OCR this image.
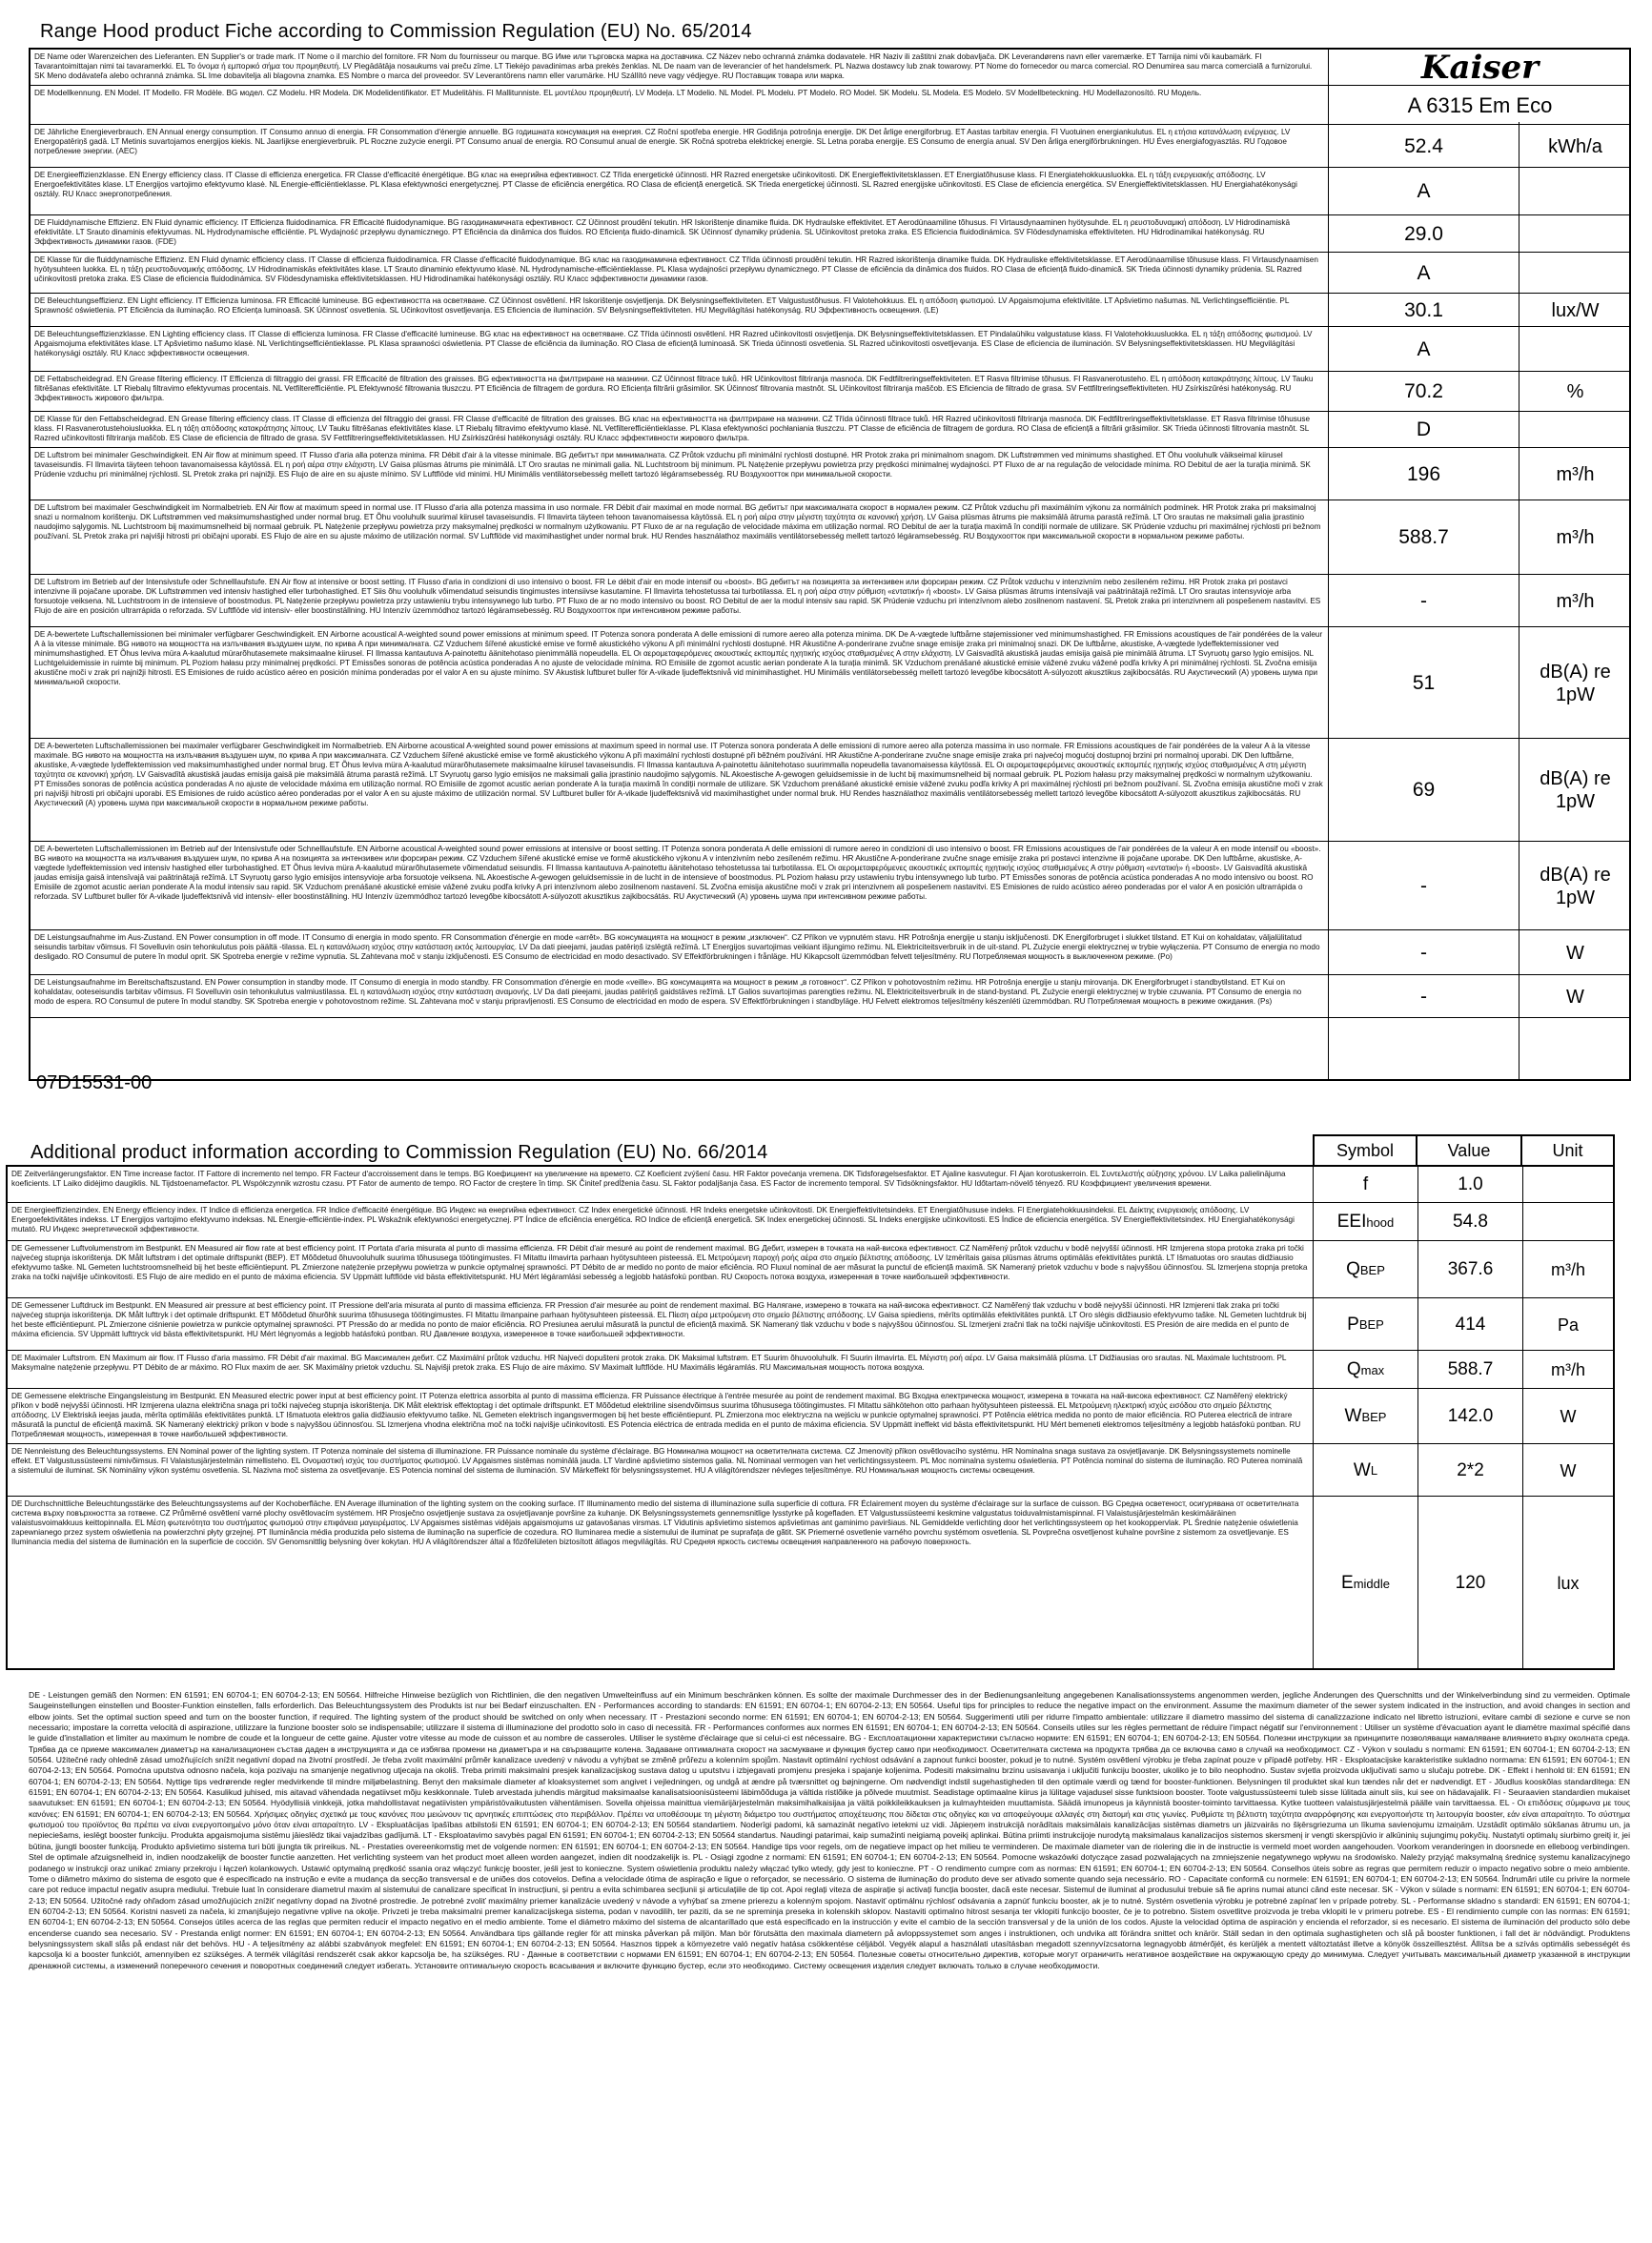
Range Hood product Fiche according to Commission Regulation (EU) No. 65/2014
DE Name oder Warenzeichen des Lieferanten. EN Supplier's or trade mark. IT Nome o il marchio del fornitore. FR Nom du fournisseur ou marque. BG Име или търговска марка на доставчика. CZ Název nebo ochranná známka dodavatele. HR Naziv ili zaštitni znak dobavljača. DK Leverandørens navn eller varemærke. ET Tarnija nimi või kaubamärk. FI Tavarantoimittajan nimi tai tavaramerkki. EL Το όνομα ή εμπορικό σήμα του προμηθευτή. LV Piegādātāja nosaukums vai preču zīme. LT Tiekėjo pavadinimas arba prekės ženklas. NL De naam van de leverancier of het handelsmerk. PL Nazwa dostawcy lub znak towarowy. PT Nome do fornecedor ou marca comercial. RO Denumirea sau marca comercială a furnizorului. SK Meno dodávateľa alebo ochranná známka. SL Ime dobavitelja ali blagovna znamka. ES Nombre o marca del proveedor. SV Leverantörens namn eller varumärke. HU Szállító neve vagy védjegye. RU Поставщик товара или марка.	Kaiser
DE Modellkennung. EN Model. IT Modello. FR Modèle. BG модел. CZ Modelu. HR Modela. DK Modelidentifikator. ET Mudelitähis. FI Mallitunniste. EL μοντέλου προμηθευτή. LV Modeļa. LT Modelio. NL Model. PL Modelu. PT Modelo. RO Model. SK Modelu. SL Modela. ES Modelo. SV Modellbeteckning. HU Modellazonosító. RU Модель.	A 6315 Em Eco
DE Jährliche Energieverbrauch. EN Annual energy consumption. IT Consumo annuo di energia. FR Consommation d'énergie annuelle. BG годишната консумация на енергия. CZ Roční spotřeba energie. HR Godišnja potrošnja energije. DK Det årlige energiforbrug. ET Aastas tarbitav energia. FI Vuotuinen energiankulutus. EL η ετήσια κατανάλωση ενέργειας. LV Energopatēriņš gadā. LT Metinis suvartojamos energijos kiekis. NL Jaarlijkse energieverbruik. PL Roczne zużycie energii. PT Consumo anual de energia. RO Consumul anual de energie. SK Ročná spotreba elektrickej energie. SL Letna poraba energije. ES Consumo de energía anual. SV Den årliga energiförbrukningen. HU Éves energiafogyasztás. RU Годовое потребление энергии. (AEC)	52.4	kWh/a
DE Energieeffizienzklasse. EN Energy efficiency class. IT Classe di efficienza energetica. FR Classe d'efficacité énergétique. BG клас на енергийна ефективност. CZ Třída energetické účinnosti. HR Razred energetske učinkovitosti. DK Energieffektivitetsklassen. ET Energiatõhususe klass. FI Energiatehokkuusluokka. EL η τάξη ενεργειακής απόδοσης. LV Energoefektivitātes klase. LT Energijos vartojimo efektyvumo klasė. NL Energie-efficiëntieklasse. PL Klasa efektywności energetycznej. PT Classe de eficiência energética. RO Clasa de eficiență energetică. SK Trieda energetickej účinnosti. SL Razred energijske učinkovitosti. ES Clase de eficiencia energética. SV Energieffektivitetsklassen. HU Energiahatékonysági osztály. RU Класс энергопотребления.	A
DE Fluiddynamische Effizienz. EN Fluid dynamic efficiency. IT Efficienza fluidodinamica. FR Efficacité fluidodynamique. BG газодинамичната ефективност. CZ Účinnost proudění tekutin. HR Iskorištenje dinamike fluida. DK Hydraulske effektivitet. ET Aerodünaamiline tõhusus. FI Virtausdynaaminen hyötysuhde. EL η ρευστοδυναμική απόδοση. LV Hidrodinamiskā efektivitāte. LT Srauto dinaminis efektyvumas. NL Hydrodynamische efficiëntie. PL Wydajność przepływu dynamicznego. PT Eficiência da dinâmica dos fluidos. RO Eficiența fluido-dinamică. SK Účinnosť dynamiky prúdenia. SL Učinkovitost pretoka zraka. ES Eficiencia fluidodinámica. SV Flödesdynamiska effektiviteten. HU Hidrodinamikai hatékonyság. RU Эффективность динамики газов. (FDE)	29.0
DE Klasse für die fluiddynamische Effizienz. EN Fluid dynamic efficiency class. IT Classe di efficienza fluidodinamica. FR Classe d'efficacité fluidodynamique. BG клас на газодинамична ефективност. CZ Třída účinnosti proudění tekutin. HR Razred iskorištenja dinamike fluida. DK Hydrauliske effektivitetsklasse. ET Aerodünaamilise tõhususe klass. FI Virtausdynaamisen hyötysuhteen luokka. EL η τάξη ρευστοδυναμικής απόδοσης. LV Hidrodinamiskās efektivitātes klase. LT Srauto dinaminio efektyvumo klasė. NL Hydrodynamische-efficiëntieklasse. PL Klasa wydajności przepływu dynamicznego. PT Classe de eficiência da dinâmica dos fluidos. RO Clasa de eficiență fluido-dinamică. SK Trieda účinnosti dynamiky prúdenia. SL Razred učinkovitosti pretoka zraka. ES Clase de eficiencia fluidodinámica. SV Flödesdynamiska effektivitetsklassen. HU Hidrodinamikai hatékonysági osztály. RU Класс эффективности динамики газов.	A
DE Beleuchtungseffizienz. EN Light efficiency. IT Efficienza luminosa. FR Efficacité lumineuse. BG ефективността на осветяване. CZ Účinnost osvětlení. HR Iskorištenje osvjetljenja. DK Belysningseffektiviteten. ET Valgustustõhusus. FI Valotehokkuus. EL η απόδοση φωτισμού. LV Apgaismojuma efektivitāte. LT Apšvietimo našumas. NL Verlichtingsefficiëntie. PL Sprawność oświetlenia. PT Eficiência da iluminação. RO Eficiența luminoasă. SK Účinnosť osvetlenia. SL Učinkovitost osvetljevanja. ES Eficiencia de iluminación. SV Belysningseffektiviteten. HU Megvilágítási hatékonyság. RU Эффективность освещения. (LE)	30.1	lux/W
DE Beleuchtungseffizienzklasse. EN Lighting efficiency class. IT Classe di efficienza luminosa. FR Classe d'efficacité lumineuse. BG клас на ефективност на осветяване. CZ Třída účinnosti osvětlení. HR Razred učinkovitosti osvjetljenja. DK Belysningseffektivitetsklassen. ET Pindalaühiku valgustatuse klass. FI Valotehokkuusluokka. EL η τάξη απόδοσης φωτισμού. LV Apgaismojuma efektivitātes klase. LT Apšvietimo našumo klasė. NL Verlichtingsefficiëntieklasse. PL Klasa sprawności oświetlenia. PT Classe de eficiência da iluminação. RO Clasa de eficiență luminoasă. SK Trieda účinnosti osvetlenia. SL Razred učinkovitosti osvetljevanja. ES Clase de eficiencia de iluminación. SV Belysningseffektivitetsklassen. HU Megvilágítási hatékonysági osztály. RU Класс эффективности освещения.	A
DE Fettabscheidegrad. EN Grease filtering efficiency. IT Efficienza di filtraggio dei grassi. FR Efficacité de filtration des graisses. BG ефективността на филтриране на мазнини. CZ Účinnost filtrace tuků. HR Učinkovitost filtriranja masnoća. DK Fedtfiltreringseffektiviteten. ET Rasva filtrimise tõhusus. FI Rasvanerotusteho. EL η απόδοση κατακράτησης λίπους. LV Tauku filtrēšanas efektivitāte. LT Riebalų filtravimo efektyvumas procentais. NL Vetfilterefficiëntie. PL Efektywność filtrowania tłuszczu. PT Eficiência de filtragem de gordura. RO Eficiența filtrării grăsimilor. SK Účinnosť filtrovania mastnôt. SL Učinkovitost filtriranja maščob. ES Eficiencia de filtrado de grasa. SV Fettfiltreringseffektiviteten. HU Zsírkiszűrési hatékonyság. RU Эффективность жирового фильтра.	70.2	%
DE Klasse für den Fettabscheidegrad. EN Grease filtering efficiency class. IT Classe di efficienza del filtraggio dei grassi. FR Classe d'efficacité de filtration des graisses. BG клас на ефективността на филтриране на мазнини. CZ Třída účinnosti filtrace tuků. HR Razred učinkovitosti filtriranja masnoća. DK Fedtfiltreringseffektivitetsklasse. ET Rasva filtrimise tõhususe klass. FI Rasvanerotustehoiusluokka. EL η τάξη απόδοσης κατακράτησης λίπους. LV Tauku filtrēšanas efektivitātes klase. LT Riebalų filtravimo efektyvumo klasė. NL Vetfilterefficiëntieklasse. PL Klasa efektywności pochłaniania tłuszczu. PT Classe de eficiência de filtragem de gordura. RO Clasa de eficiență a filtrării grăsimilor. SK Trieda účinnosti filtrovania mastnôt. SL Razred učinkovitosti filtriranja maščob. ES Clase de eficiencia de filtrado de grasa. SV Fettfiltreringseffektivitetsklassen. HU Zsírkiszűrési hatékonysági osztály. RU Класс эффективности жирового фильтра.	D
DE Luftstrom bei minimaler Geschwindigkeit. EN Air flow at minimum speed. IT Flusso d'aria alla potenza minima. FR Débit d'air à la vitesse minimale. BG дебитът при минималната. CZ Průtok vzduchu při minimální rychlosti dostupné. HR Protok zraka pri minimalnom snagom. DK Luftstrømmen ved minimums shastighed. ET Õhu vooluhulk väikseimal kiirusel tavaseisundis. FI Ilmavirta täyteen tehoon tavanomaisessa käytössä. EL η ροή αέρα στην ελάχιστη. LV Gaisa plūsmas ātrums pie minimālā. LT Oro srautas ne minimali galia. NL Luchtstroom bij minimum. PL Natężenie przepływu powietrza przy prędkości minimalnej wydajności. PT Fluxo de ar na regulação de velocidade mínima. RO Debitul de aer la turația minimă. SK Prúdenie vzduchu pri minimálnej rýchlosti. SL Pretok zraka pri najnižji. ES Flujo de aire en su ajuste mínimo. SV Luftflöde vid minimi. HU Minimális ventilátorsebesség mellett tartozó légáramsebesség. RU Воздухоотток при минимальной скорости.	196	m³/h
DE Luftstrom bei maximaler Geschwindigkeit im Normalbetrieb. EN Air flow at maximum speed in normal use. IT Flusso d'aria alla potenza massima in uso normale. FR Débit d'air maximal en mode normal. BG дебитът при максималната скорост в нормален режим. CZ Průtok vzduchu při maximálním výkonu za normálních podmínek. HR Protok zraka pri maksimalnoj snazi u normalnom korištenju. DK Luftstrømmen ved maksimumshastighed under normal brug. ET Õhu vooluhulk suurimal kiirusel tavaseisundis. FI Ilmavirta täyteen tehoon tavanomaisessa käytössä. EL η ροή αέρα στην μέγιστη ταχύτητα σε κανονική χρήση. LV Gaisa plūsmas ātrums pie maksimālā ātruma parastā režīmā. LT Oro srautas ne maksimali galia įprastinio naudojimo sąlygomis. NL Luchtstroom bij maximumsnelheid bij normaal gebruik. PL Natężenie przepływu powietrza przy maksymalnej prędkości w normalnym użytkowaniu. PT Fluxo de ar na regulação de velocidade máxima em utilização normal. RO Debitul de aer la turația maximă în condiții normale de utilizare. SK Prúdenie vzduchu pri maximálnej rýchlosti pri bežnom používaní. SL Pretok zraka pri najvišji hitrosti pri običajni uporabi. ES Flujo de aire en su ajuste máximo de utilización normal. SV Luftflöde vid maximihastighet under normal bruk. HU Rendes használathoz maximális ventilátorsebesség mellett tartozó légáramsebesség. RU Воздухоотток при максимальной скорости в нормальном режиме работы.	588.7	m³/h
DE Luftstrom im Betrieb auf der Intensivstufe oder Schnelllaufstufe. EN Air flow at intensive or boost setting. IT Flusso d'aria in condizioni di uso intensivo o boost. FR Le débit d'air en mode intensif ou «boost». BG дебитът на позицията за интензивен или форсиран режим. CZ Průtok vzduchu v intenzivním nebo zesíleném režimu. HR Protok zraka pri postavci intenzivne ili pojačane uporabe. DK Luftstrømmen ved intensiv hastighed eller turbohastighed. ET Siis õhu vooluhulk võimendatud seisundis tingimustes intensiivse kasutamine. FI Ilmavirta tehostetussa tai turbotilassa. EL η ροή αέρα στην ρύθμιση «εντατική» ή «boost». LV Gaisa plūsmas ātrums intensīvajā vai paātrinātajā režīmā. LT Oro srautas intensyvioje arba forsuotoje veiksena. NL Luchtstroom in de intensieve of boostmodus. PL Natężenie przepływu powietrza przy ustawieniu trybu intensywnego lub turbo. PT Fluxo de ar no modo intensivo ou boost. RO Debitul de aer la modul intensiv sau rapid. SK Prúdenie vzduchu pri intenzívnom alebo zosilnenom nastavení. SL Pretok zraka pri intenzivnem ali pospešenem nastavitvi. ES Flujo de aire en posición ultrarrápida o reforzada. SV Luftflöde vid intensiv- eller boostinställning. HU Intenzív üzemmódhoz tartozó légáramsebesség. RU Воздухоотток при интенсивном режиме работы.	-	m³/h
DE A-bewertete Luftschallemissionen bei minimaler verfügbarer Geschwindigkeit. EN Airborne acoustical A-weighted sound power emissions at minimum speed. IT Potenza sonora ponderata A delle emissioni di rumore aereo alla potenza minima. DK De A-vægtede luftbårne støjemissioner ved minimumshastighed. FR Emissions acoustiques de l'air pondérées de la valeur A à la vitesse minimale. BG нивото на мощността на излъчвания въздушен шум, по крива A при минималната. CZ Vzduchem šířené akustické emise ve formě akustického výkonu A při minimální rychlosti dostupné. HR Akustične A-ponderirane zvučne snage emisije zraka pri minimalnoj snazi. DK De luftbårne, akustiske, A-vægtede lydeffektemissioner ved minimumshastighed. ET Õhus leviva müra A-kaalutud mürarõhutasemete maksimaalne kiirusel. FI Ilmassa kantautuva A-painotettu äänitehotaso pienimmällä nopeudella. EL Οι αερομεταφερόμενες ακουστικές εκπομπές ηχητικής ισχύος σταθμισμένες Α στην ελάχιστη. LV Gaisvadītā akustiskā jaudas emisija gaisā pie minimālā ātruma. LT Svyruotų garso lygio emisijos. NL Luchtgeluidemissie in ruimte bij minimum. PL Poziom hałasu przy minimalnej prędkości. PT Emissões sonoras de potência acústica ponderadas A no ajuste de velocidade mínima. RO Emisiile de zgomot acustic aerian ponderate A la turația minimă. SK Vzduchom prenášané akustické emisie vážené zvuku vážené podľa krivky A pri minimálnej rýchlosti. SL Zvočna emisija akustične moči v zrak pri najnižji hitrosti. ES Emisiones de ruido acústico aéreo en posición mínima ponderadas por el valor A en su ajuste mínimo. SV Akustisk luftburet buller för A-vikade ljudeffektsnivå vid minimihastighet. HU Minimális ventilátorsebesség mellett tartozó levegőbe kibocsátott A-súlyozott akusztikus zajkibocsátás. RU Акустический (A) уровень шума при минимальной скорости.	51	dB(A) re 1pW
DE A-bewerteten Luftschallemissionen bei maximaler verfügbarer Geschwindigkeit im Normalbetrieb. EN Airborne acoustical A-weighted sound power emissions at maximum speed in normal use. IT Potenza sonora ponderata A delle emissioni di rumore aereo alla potenza massima in uso normale. FR Emissions acoustiques de l'air pondérées de la valeur A à la vitesse maximale. BG нивото на мощността на излъчвания въздушен шум, по крива A при максималната. CZ Vzduchem šířené akustické emise ve formě akustického výkonu A při maximální rychlosti dostupné při běžném používání. HR Akustične A-ponderirane zvučne snage emisije zraka pri najvećoj mogućoj dostupnoj brzini pri normalnoj uporabi. DK Den luftbårne, akustiske, A-vægtede lydeffektemission ved maksimumhastighed under normal brug. ET Õhus leviva müra A-kaalutud mürarõhutasemete maksimaalne kiirusel tavaseisundis. FI Ilmassa kantautuva A-painotettu äänitehotaso suurimmalla nopeudella tavanomaisessa käytössä. EL Οι αερομεταφερόμενες ακουστικές εκπομπές ηχητικής ισχύος σταθμισμένες Α στη μέγιστη ταχύτητα σε κανονική χρήση. LV Gaisvadītā akustiskā jaudas emisija gaisā pie maksimālā ātruma parastā režīmā. LT Svyruotų garso lygio emisijos ne maksimali galia įprastinio naudojimo sąlygomis. NL Akoestische A-gewogen geluidsemissie in de lucht bij maximumsnelheid bij normaal gebruik. PL Poziom hałasu przy maksymalnej prędkości w normalnym użytkowaniu. PT Emissões sonoras de potência acústica ponderadas A no ajuste de velocidade máxima em utilização normal. RO Emisiile de zgomot acustic aerian ponderate A la turația maximă în condiții normale de utilizare. SK Vzduchom prenášané akustické emisie vážené zvuku podľa krivky A pri maximálnej rýchlosti pri bežnom používaní. SL Zvočna emisija akustične moči v zrak pri najvišji hitrosti pri običajni uporabi. ES Emisiones de ruido acústico aéreo ponderadas por el valor A en su ajuste máximo de utilización normal. SV Luftburet buller för A-vikade ljudeffektsnivå vid maximihastighet under normal bruk. HU Rendes használathoz maximális ventilátorsebesség mellett tartozó levegőbe kibocsátott A-súlyozott akusztikus zajkibocsátás. RU Акустический (A) уровень шума при максимальной скорости в нормальном режиме работы.
69	dB(A) re 1pW
DE A-bewerteten Luftschallemissionen im Betrieb auf der Intensivstufe oder Schnelllaufstufe. EN Airborne acoustical A-weighted sound power emissions at intensive or boost setting. IT Potenza sonora ponderata A delle emissioni di rumore aereo in condizioni di uso intensivo o boost. FR Emissions acoustiques de l'air pondérées de la valeur A en mode intensif ou «boost». BG нивото на мощността на излъчвания въздушен шум, по крива A на позицията за интензивен или форсиран режим. CZ Vzduchem šířené akustické emise ve formě akustického výkonu A v intenzivním nebo zesíleném režimu. HR Akustične A-ponderirane zvučne snage emisije zraka pri postavci intenzivne ili pojačane uporabe. DK Den luftbårne, akustiske, A-vægtede lydeffektemission ved intensiv hastighed eller turbohastighed. ET Õhus leviva müra A-kaalutud mürarõhutasemete võimendatud seisundis. FI Ilmassa kantautuva A-painotettu äänitehotaso tehostetussa tai turbotilassa. EL Οι αερομεταφερόμενες ακουστικές εκπομπές ηχητικής ισχύος σταθμισμένες Α στην ρύθμιση «εντατική» ή «boost». LV Gaisvadītā akustiskā jaudas emisija gaisā intensīvajā vai paātrinātajā režīmā. LT Svyruotų garso lygio emisijos intensyvioje arba forsuotoje veiksena. NL Akoestische A-gewogen geluidsemissie in de lucht in de intensieve of boostmodus. PL Poziom hałasu przy ustawieniu trybu intensywnego lub turbo. PT Emissões sonoras de potência acústica ponderadas A no modo intensivo ou boost. RO Emisiile de zgomot acustic aerian ponderate A la modul intensiv sau rapid. SK Vzduchom prenášané akustické emisie vážené zvuku podľa krivky A pri intenzívnom alebo zosilnenom nastavení. SL Zvočna emisija akustične moči v zrak pri intenzivnem ali pospešenem nastavitvi. ES Emisiones de ruido acústico aéreo ponderadas por el valor A en posición ultrarrápida o reforzada. SV Luftburet buller för A-vikade ljudeffektsnivå vid intensiv- eller boostinställning. HU Intenzív üzemmódhoz tartozó levegőbe kibocsátott A-súlyozott akusztikus zajkibocsátás. RU Акустический (A) уровень шума при интенсивном режиме работы.	-	dB(A) re 1pW
DE Leistungsaufnahme im Aus-Zustand. EN Power consumption in off mode. IT Consumo di energia in modo spento. FR Consommation d'énergie en mode «arrêt». BG консумацията на мощност в режим „изключен“. CZ Příkon ve vypnutém stavu. HR Potrošnja energije u stanju isključenosti. DK Energiforbruget i slukket tilstand. ET Kui on kohaldatav, väljalülitatud seisundis tarbitav võimsus. FI Sovelluvin osin tehonkulutus pois päältä -tilassa. EL η κατανάλωση ισχύος στην κατάσταση εκτός λειτουργίας. LV Da dati pieejami, jaudas patēriņš izslēgtā režīmā. LT Energijos suvartojimas veikiant išjungimo režimu. NL Elektriciteitsverbruik in de uit-stand. PL Zużycie energii elektrycznej w trybie wyłączenia. PT Consumo de energia no modo desligado. RO Consumul de putere în modul oprit. SK Spotreba energie v režime vypnutia. SL Zahtevana moč v stanju izključenosti. ES Consumo de electricidad en modo desactivado. SV Effektförbrukningen i frånläge. HU Kikapcsolt üzemmódban felvett teljesítmény. RU Потребляемая мощность в выключенном режиме. (Po)	-	W
DE Leistungsaufnahme im Bereitschaftszustand. EN Power consumption in standby mode. IT Consumo di energia in modo standby. FR Consommation d'énergie en mode «veille». BG консумацията на мощност в режим „в готовност“. CZ Příkon v pohotovostním režimu. HR Potrošnja energije u stanju mirovanja. DK Energiforbruget i standbytilstand. ET Kui on kohaldatav, ooteseisundis tarbitav võimsus. FI Sovelluvin osin tehonkulutus valmiustilassa. EL η κατανάλωση ισχύος στην κατάσταση αναμονής. LV Da dati pieejami, jaudas patēriņš gaidstāves režīmā. LT Galios suvartojimas parengties režimu. NL Elektriciteitsverbruik in de stand-bystand. PL Zużycie energii elektrycznej w trybie czuwania. PT Consumo de energia no modo de espera. RO Consumul de putere în modul standby. SK Spotreba energie v pohotovostnom režime. SL Zahtevana moč v stanju pripravljenosti. ES Consumo de electricidad en modo de espera. SV Effektförbrukningen i standbyläge. HU Felvett elektromos teljesítmény készenléti üzemmódban. RU Потребляемая мощность в режиме ожидания. (Ps)	-	W
07D15531-00
Additional product information according to Commission Regulation (EU) No. 66/2014	Symbol	Value	Unit
DE Zeitverlängerungsfaktor. EN Time increase factor. IT Fattore di incremento nel tempo. FR Facteur d'accroissement dans le temps. BG Коефициент на увеличение на времето. CZ Koeficient zvýšení času. HR Faktor povećanja vremena. DK Tidsforøgelsesfaktor. ET Ajaline kasvutegur. FI Ajan korotuskerroin. EL Συντελεστής αύξησης χρόνου. LV Laika palielinājuma koeficients. LT Laiko didėjimo daugiklis. NL Tijdstoenamefactor. PL Współczynnik wzrostu czasu. PT Fator de aumento de tempo. RO Factor de creștere în timp. SK Činiteľ predĺženia času. SL Faktor podaljšanja časa. ES Factor de incremento temporal. SV Tidsökningsfaktor. HU Időtartam-növelő tényező. RU Коэффициент увеличения времени.	f	1.0
DE Energieeffizienzindex. EN Energy efficiency index. IT Indice di efficienza energetica. FR Indice d'efficacité énergétique. BG Индекс на енергийна ефективност. CZ Index energetické účinnosti. HR Indeks energetske učinkovitosti. DK Energieffektivitetsindeks. ET Energiatõhususe indeks. FI Energiatehokkuusindeksi. EL Δείκτης ενεργειακής απόδοσης. LV Energoefektivitātes indekss. LT Energijos vartojimo efektyvumo indeksas. NL Energie-efficiëntie-index. PL Wskaźnik efektywności energetycznej. PT Índice de eficiência energética. RO Indice de eficiență energetică. SK Index energetickej účinnosti. SL Indeks energijske učinkovitosti. ES Índice de eficiencia energética. SV Energieffektivitetsindex. HU Energiahatékonysági mutató. RU Индекс энергетической эффективности.	EEI hood	54.8
DE Gemessener Luftvolumenstrom im Bestpunkt. EN Measured air flow rate at best efficiency point. IT Portata d'aria misurata al punto di massima efficienza. FR Débit d'air mesuré au point de rendement maximal. BG Дебит, измерен в точката на най-висока ефективност. CZ Naměřený průtok vzduchu v bodě nejvyšší účinnosti. HR Izmjerena stopa protoka zraka pri točki najvećeg stupnja iskorištenja. DK Målt luftstrøm i det optimale driftspunkt (BEP). ET Mõõdetud õhuvooluhulk suurima tõhususega töötingimustes. FI Mitattu ilmavirta parhaan hyötysuhteen pisteessä. EL Μετρούμενη παροχή ροής αέρα στο σημείο βέλτιστης απόδοσης. LV Izmērītais gaisa plūsmas ātrums optimālās efektivitātes punktā. LT Išmatuotas oro srautas didžiausio efektyvumo taške. NL Gemeten luchtstroomsnelheid bij het beste efficiëntiepunt. PL Zmierzone natężenie przepływu powietrza w punkcie optymalnej sprawności. PT Débito de ar medido no ponto de maior eficiência. RO Fluxul nominal de aer măsurat la punctul de eficiență maximă. SK Nameraný prietok vzduchu v bode s najvyššou účinnosťou. SL Izmerjena stopnja pretoka zraka na točki najvišje učinkovitosti. ES Flujo de aire medido en el punto de máxima eficiencia. SV Uppmätt luftflöde vid bästa effektivitetspunkt. HU Mért légáramlási sebesség a legjobb hatásfokú pontban. RU Скорость потока воздуха, измеренная в точке наибольшей эффективности.	Q BEP	367.6	m³/h
DE Gemessener Luftdruck im Bestpunkt. EN Measured air pressure at best efficiency point. IT Pressione dell'aria misurata al punto di massima efficienza. FR Pression d'air mesurée au point de rendement maximal. BG Налягане, измерено в точката на най-висока ефективност. CZ Naměřený tlak vzduchu v bodě nejvyšší účinnosti. HR Izmjereni tlak zraka pri točki najvećeg stupnja iskorištenja. DK Målt lufttryk i det optimale driftspunkt. ET Mõõdetud õhurõhk suurima tõhususega töötingimustes. FI Mitattu ilmanpaine parhaan hyötysuhteen pisteessä. EL Πίεση αέρα μετρούμενη στο σημείο βέλτιστης απόδοσης. LV Gaisa spiediens, mērīts optimālās efektivitātes punktā. LT Oro slėgis didžiausio efektyvumo taške. NL Gemeten luchtdruk bij het beste efficiëntiepunt. PL Zmierzone ciśnienie powietrza w punkcie optymalnej sprawności. PT Pressão do ar medida no ponto de maior eficiência. RO Presiunea aerului măsurată la punctul de eficiență maximă. SK Nameraný tlak vzduchu v bode s najvyššou účinnosťou. SL Izmerjeni zračni tlak na točki najvišje učinkovitosti. ES Presión de aire medida en el punto de máxima eficiencia. SV Uppmätt lufttryck vid bästa effektivitetspunkt. HU Mért légnyomás a legjobb hatásfokú pontban. RU Давление воздуха, измеренное в точке наибольшей эффективности.	P BEP	414	Pa
DE Maximaler Luftstrom. EN Maximum air flow. IT Flusso d'aria massimo. FR Débit d'air maximal. BG Максимален дебит. CZ Maximální průtok vzduchu. HR Najveći dopušteni protok zraka. DK Maksimal luftstrøm. ET Suurim õhuvooluhulk. FI Suurin ilmavirta. EL Μέγιστη ροή αέρα. LV Gaisa maksimālā plūsma. LT Didžiausias oro srautas. NL Maximale luchtstroom. PL Maksymalne natężenie przepływu. PT Débito de ar máximo. RO Flux maxim de aer. SK Maximálny prietok vzduchu. SL Najvišji pretok zraka. ES Flujo de aire máximo. SV Maximalt luftflöde. HU Maximális légáramlás. RU Максимальная мощность потока воздуха.	Q max	588.7	m³/h
DE Gemessene elektrische Eingangsleistung im Bestpunkt. EN Measured electric power input at best efficiency point. IT Potenza elettrica assorbita al punto di massima efficienza. FR Puissance électrique à l'entrée mesurée au point de rendement maximal. BG Входна електрическа мощност, измерена в точката на най-висока ефективност. CZ Naměřený elektrický příkon v bodě nejvyšší účinnosti. HR Izmjerena ulazna električna snaga pri točki najvećeg stupnja iskorištenja. DK Målt elektrisk effektoptag i det optimale driftspunkt. ET Mõõdetud elektriline sisendvõimsus suurima tõhususega töötingimustes. FI Mitattu sähkötehon otto parhaan hyötysuhteen pisteessä. EL Μετρούμενη ηλεκτρική ισχύς εισόδου στο σημείο βέλτιστης απόδοσης. LV Elektriskā ieejas jauda, mērīta optimālās efektivitātes punktā. LT Išmatuota elektros galia didžiausio efektyvumo taške. NL Gemeten elektrisch ingangsvermogen bij het beste efficiëntiepunt. PL Zmierzona moc elektryczna na wejściu w punkcie optymalnej sprawności. PT Potência elétrica medida no ponto de maior eficiência. RO Puterea electrică de intrare măsurată la punctul de eficiență maximă. SK Nameraný elektrický príkon v bode s najvyššou účinnosťou. SL Izmerjena vhodna električna moč na točki najvišje učinkovitosti. ES Potencia eléctrica de entrada medida en el punto de máxima eficiencia. SV Uppmätt ineffekt vid bästa effektivitetspunkt. HU Mért bemeneti elektromos teljesítmény a legjobb hatásfokú pontban. RU Потребляемая мощность, измеренная в точке наибольшей эффективности.
W BEP	142.0	W
DE Nennleistung des Beleuchtungssystems. EN Nominal power of the lighting system. IT Potenza nominale del sistema di illuminazione. FR Puissance nominale du système d'éclairage. BG Номинална мощност на осветителната система. CZ Jmenovitý příkon osvětlovacího systému. HR Nominalna snaga sustava za osvjetljavanje. DK Belysningssystemets nominelle effekt. ET Valgustussüsteemi nimivõimsus. FI Valaistusjärjestelmän nimellisteho. EL Ονομαστική ισχύς του συστήματος φωτισμού. LV Apgaismes sistēmas nominālā jauda. LT Vardinė apšvietimo sistemos galia. NL Nominaal vermogen van het verlichtingssysteem. PL Moc nominalna systemu oświetlenia. PT Potência nominal do sistema de iluminação. RO Puterea nominală a sistemului de iluminat. SK Nominálny výkon systému osvetlenia. SL Nazivna moč sistema za osvetljevanje. ES Potencia nominal del sistema de iluminación. SV Märkeffekt för belysningssystemet. HU A világítórendszer névleges teljesítménye. RU Номинальная мощность системы освещения.	W L	2*2	W
DE Durchschnittliche Beleuchtungsstärke des Beleuchtungssystems auf der Kochoberfläche. EN Average illumination of the lighting system on the cooking surface. IT Illuminamento medio del sistema di illuminazione sulla superficie di cottura. FR Éclairement moyen du système d'éclairage sur la surface de cuisson. BG Средна осветеност, осигурявана от осветителната система върху повърхността за готвене. CZ Průměrné osvětlení varné plochy osvětlovacím systémem. HR Prosječno osvjetljenje sustava za osvjetljavanje površine za kuhanje. DK Belysningssystemets gennemsnitlige lysstyrke på kogefladen. ET Valgustussüsteemi keskmine valgustatus toiduvalmistamispinnal. FI Valaistusjärjestelmän keskimääräinen valaistusvoimakkuus keittopinnalla. EL Μέση φωτεινότητα του συστήματος φωτισμού στην επιφάνεια μαγειρέματος. LV Apgaismes sistēmas vidējais apgaismojums uz gatavošanas virsmas. LT Vidutinis apšvietimo sistemos apšvietimas ant gaminimo paviršiaus. NL Gemiddelde verlichting door het verlichtingssysteem op het kookoppervlak. PL Średnie natężenie oświetlenia zapewnianego przez system oświetlenia na powierzchni płyty grzejnej. PT Iluminância média produzida pelo sistema de iluminação na superfície de cozedura. RO Iluminarea medie a sistemului de iluminat pe suprafața de gătit. SK Priemerné osvetlenie varného povrchu systémom osvetlenia. SL Povprečna osvetljenost kuhalne površine z sistemom za osvetljevanje. ES Iluminancia media del sistema de iluminación en la superficie de cocción. SV Genomsnittlig belysning över kokytan. HU A világítórendszer által a főzőfelületen biztosított átlagos megvilágítás. RU Средняя яркость системы освещения направленного на рабочую поверхность.
E middle	120	lux
DE - Leistungen gemäß den Normen: EN 61591; EN 60704-1; EN 60704-2-13; EN 50564. Hilfreiche Hinweise bezüglich von Richtlinien, die den negativen Umwelteinfluss auf ein Minimum beschränken können. Es sollte der maximale Durchmesser des in der Bedienungsanleitung angegebenen Kanalisationssystems angenommen werden, jegliche Änderungen des Querschnitts und der Winkelverbindung sind zu vermeiden. Optimale Saugeinstellungen einstellen und Booster-Funktion einstellen, falls erforderlich. Das Beleuchtungssystem des Produkts ist nur bei Bedarf einzuschalten. EN - Performances according to standards: EN 61591; EN 60704-1; EN 60704-2-13; EN 50564. Useful tips for principles to reduce the negative impact on the environment. Assume the maximum diameter of the sewer system indicated in the instruction, and avoid changes in section and elbow joints. Set the optimal suction speed and turn on the booster function, if required. The lighting system of the product should be switched on only when necessary. IT - Prestazioni secondo norme: EN 61591; EN 60704-1; EN 60704-2-13; EN 50564. Suggerimenti utili per ridurre l'impatto ambientale: utilizzare il diametro massimo del sistema di canalizzazione indicato nel libretto istruzioni, evitare cambi di sezione e curve se non necessario; impostare la corretta velocità di aspirazione, utilizzare la funzione booster solo se indispensabile; utilizzare il sistema di illuminazione del prodotto solo in caso di necessità. FR - Performances conformes aux normes EN 61591; EN 60704-1; EN 60704-2-13; EN 50564. Conseils utiles sur les règles permettant de réduire l'impact négatif sur l'environnement : Utiliser un système d'évacuation ayant le diamètre maximal spécifié dans le guide d'installation et limiter au maximum le nombre de coude et la longueur de cette gaine. Ajuster votre vitesse au mode de cuisson et au nombre de casseroles. Utiliser le système d'éclairage que si celui-ci est nécessaire. BG - Експлоатационни характеристики съгласно нормите: EN 61591; EN 60704-1; EN 60704-2-13; EN 50564. Полезни инструкции за принципите позволяващи намаляване влиянието върху околната среда. Трябва да се приеме максимален диаметър на канализационен състав даден в инструкцията и да се избягва промени на диаметъра и на свързващите колена. Задаване оптималната скорост на засмукване и функция бустер само при необходимост. Осветителната система на продукта трябва да се включва само в случай на необходимост. CZ - Výkon v souladu s normami: EN 61591; EN 60704-1; EN 60704-2-13; EN 50564. Užitečné rady ohledně zásad umožňujících snížit negativní dopad na životní prostředí. Je třeba zvolit maximální průměr kanalizace uvedený v návodu a vyhýbat se změně průřezu a kolenním spojům. Nastavit optimální rychlost odsávání a zapnout funkci booster, pokud je to nutné. Systém osvětlení výrobku je třeba zapínat pouze v případě potřeby. HR - Eksploatacijske karakteristike sukladno normama: EN 61591; EN 60704-1; EN 60704-2-13; EN 50564. Pomoćna uputstva odnosno načela, koja pozivaju na smanjenje negativnog utjecaja na okoliš. Treba primiti maksimalni presjek kanalizacijskog sustava datog u uputstvu i izbjegavati promjenu presjeka i spajanje koljenima. Podesiti maksimalnu brzinu usisavanja i uključiti funkciju booster, ukoliko je to bilo neophodno. Sustav svjetla proizvoda uključivati samo u slučaju potrebe. DK - Effekt i henhold til: EN 61591; EN 60704-1; EN 60704-2-13; EN 50564. Nyttige tips vedrørende regler medvirkende til mindre miljøbelastning. Benyt den maksimale diameter af kloaksystemet som angivet i vejledningen, og undgå at ændre på tværsnittet og bøjningerne. Om nødvendigt indstil sugehastigheden til den optimale værdi og tænd for booster-funktionen. Belysningen til produktet skal kun tændes når det er nødvendigt. ET - Jõudlus kooskõlas standarditega: EN 61591; EN 60704-1; EN 60704-2-13; EN 50564. Kasulikud juhised, mis aitavad vähendada negatiivset mõju keskkonnale. Tuleb arvestada juhendis märgitud maksimaalse kanalisatsioonisüsteemi läbimõõduga ja vältida ristlõike ja põlvede muutmist. Seadistage optimaalne kiirus ja lülitage vajadusel sisse funktsioon booster. Toote valgustussüsteemi tuleb sisse lülitada ainult siis, kui see on hädavajalik. FI - Seuraavien standardien mukaiset saavutukset: EN 61591; EN 60704-1; EN 60704-2-13; EN 50564. Hyödyllisiä vinkkejä, jotka mahdollistavat negatiivisten ympäristövaikutusten vähentämisen. Sovella ohjeissa mainittua viemärijärjestelmän maksimihalkaisijaa ja vältä poikkileikkauksen ja kulmayhteiden muuttamista. Säädä imunopeus ja käynnistä booster-toiminto tarvittaessa. Kytke tuotteen valaistusjärjestelmä päälle vain tarvittaessa. EL - Οι επιδόσεις σύμφωνα με τους κανόνες: EN 61591; EN 60704-1; EN 60704-2-13; EN 50564. Χρήσιμες οδηγίες σχετικά με τους κανόνες που μειώνουν τις αρνητικές επιπτώσεις στο περιβάλλον. Πρέπει να υποθέσουμε τη μέγιστη διάμετρο του συστήματος αποχέτευσης που δίδεται στις οδηγίες και να αποφεύγουμε αλλαγές στη διατομή και στις γωνίες. Ρυθμίστε τη βέλτιστη ταχύτητα αναρρόφησης και ενεργοποιήστε τη λειτουργία booster, εάν είναι απαραίτητο. Το σύστημα φωτισμού του προϊόντος θα πρέπει να είναι ενεργοποιημένο μόνο όταν είναι απαραίτητο. LV - Ekspluatācijas īpašības atbilstoši EN 61591; EN 60704-1; EN 60704-2-13; EN 50564 standartiem. Noderīgi padomi, kā samazināt negatīvo ietekmi uz vidi. Jāpieņem instrukcijā norādītais maksimālais kanalizācijas sistēmas diametrs un jāizvairās no šķērsgriezuma un līkuma savienojumu izmaiņām. Uzstādīt optimālo sūkšanas ātrumu un, ja nepieciešams, ieslēgt booster funkciju. Produkta apgaismojuma sistēmu jāieslēdz tikai vajadzības gadījumā. LT - Eksploatavimo savybės pagal EN 61591; EN 60704-1; EN 60704-2-13; EN 50564 standartus. Naudingi patarimai, kaip sumažinti neigiamą poveikį aplinkai. Būtina priimti instrukcijoje nurodytą maksimalaus kanalizacijos sistemos skersmenį ir vengti skerspjūvio ir alkūninių sujungimų pokyčių. Nustatyti optimalų siurbimo greitį ir, jei būtina, įjungti booster funkciją. Produkto apšvietimo sistema turi būti įjungta tik prireikus. NL - Prestaties overeenkomstig met de volgende normen: EN 61591; EN 60704-1; EN 60704-2-13; EN 50564. Handige tips voor regels, om de negatieve impact op het milieu te verminderen. De maximale diameter van de riolering die in de instructie is vermeld moet worden aangehouden. Voorkom veranderingen in doorsnede en elleboog verbindingen. Stel de optimale afzuigsnelheid in, indien noodzakelijk de booster functie aanzetten. Het verlichting systeem van het product moet alleen worden aangezet, indien dit noodzakelijk is. PL - Osiągi zgodne z normami: EN 61591; EN 60704-1; EN 60704-2-13; EN 50564. Pomocne wskazówki dotyczące zasad pozwalających na zmniejszenie negatywnego wpływu na środowisko. Należy przyjąć maksymalną średnicę systemu kanalizacyjnego podanego w instrukcji oraz unikać zmiany przekroju i łączeń kolankowych. Ustawić optymalną prędkość ssania oraz włączyć funkcję booster, jeśli jest to konieczne. System oświetlenia produktu należy włączać tylko wtedy, gdy jest to konieczne. PT - O rendimento cumpre com as normas: EN 61591; EN 60704-1; EN 60704-2-13; EN 50564. Conselhos úteis sobre as regras que permitem reduzir o impacto negativo sobre o meio ambiente. Tome o diâmetro máximo do sistema de esgoto que é especificado na instrução e evite a mudança da secção transversal e de uniões dos cotovelos. Defina a velocidade ótima de aspiração e ligue o reforçador, se necessário. O sistema de iluminação do produto deve ser ativado somente quando seja necessário. RO - Capacitate conformă cu normele: EN 61591; EN 60704-1; EN 60704-2-13; EN 50564. Îndrumări utile cu privire la normele care pot reduce impactul negativ asupra mediului. Trebuie luat în considerare diametrul maxim al sistemului de canalizare specificat în instrucțiuni, și pentru a evita schimbarea secțiunii și articulațiile de tip cot. Apoi reglați viteza de aspirație și activați funcția booster, dacă este necesar. Sistemul de iluminat al produsului trebuie să fie aprins numai atunci când este necesar. SK - Výkon v súlade s normami: EN 61591; EN 60704-1; EN 60704-2-13; EN 50564. Užitočné rady ohľadom zásad umožňujúcich znížiť negatívny dopad na životné prostredie. Je potrebné zvoliť maximálny priemer kanalizácie uvedený v návode a vyhýbať sa zmene prierezu a kolenným spojom. Nastaviť optimálnu rýchlosť odsávania a zapnúť funkciu booster, ak je to nutné. Systém osvetlenia výrobku je potrebné zapínať len v prípade potreby. SL - Performanse skladno s standardi: EN 61591; EN 60704-1; EN 60704-2-13; EN 50564. Koristni nasveti za načela, ki zmanjšujejo negativne vplive na okolje. Privzeti je treba maksimalni premer kanalizacijskega sistema, podan v navodilih, ter paziti, da se ne spreminja preseka in kolenskih sklopov. Nastaviti optimalno hitrost sesanja ter vklopiti funkcijo booster, če je to potrebno. Sistem osvetlitve proizvoda je treba vklopiti le v primeru potrebe. ES - El rendimiento cumple con las normas: EN 61591; EN 60704-1; EN 60704-2-13; EN 50564. Consejos útiles acerca de las reglas que permiten reducir el impacto negativo en el medio ambiente. Tome el diámetro máximo del sistema de alcantarillado que está especificado en la instrucción y evite el cambio de la sección transversal y de la unión de los codos. Ajuste la velocidad óptima de aspiración y encienda el reforzador, si es necesario. El sistema de iluminación del producto sólo debe encenderse cuando sea necesario. SV - Prestanda enligt normer: EN 61591; EN 60704-1; EN 60704-2-13; EN 50564. Användbara tips gällande regler för att minska påverkan på miljön. Man bör förutsätta den maximala diametern på avloppssystemet som anges i instruktionen, och undvika att förändra snittet och knärör. Ställ sedan in den optimala sughastigheten och slå på booster funktionen, i fall det är nödvändigt. Produktens belysningssystem skall slås på endast när det behövs. HU - A teljesítmény az alábbi szabványok megfelel: EN 61591; EN 60704-1; EN 60704-2-13; EN 50564. Hasznos tippek a környezetre való negatív hatása csökkentése céljából. Vegyék alapul a használati utasításban megadott szennyvízcsatorna legnagyobb átmérőjét, és kerüljék a mentett változtatást illetve a könyök összeillesztést. Állítsa be a szívás optimális sebességét és kapcsolja ki a booster funkciót, amennyiben ez szükséges. A termék világítási rendszerét csak akkor kapcsolja be, ha szükséges. RU - Данные в соответствии с нормами EN 61591; EN 60704-1; EN 60704-2-13; EN 50564. Полезные советы относительно директив, которые могут ограничить негативное воздействие на окружающую среду до минимума. Следует учитывать максимальный диаметр указанной в инструкции дренажной системы, а изменений поперечного сечения и поворотных соединений следует избегать. Установите оптимальную скорость всасывания и включите функцию бустер, если это необходимо. Систему освещения изделия следует включать только в случае необходимости.
